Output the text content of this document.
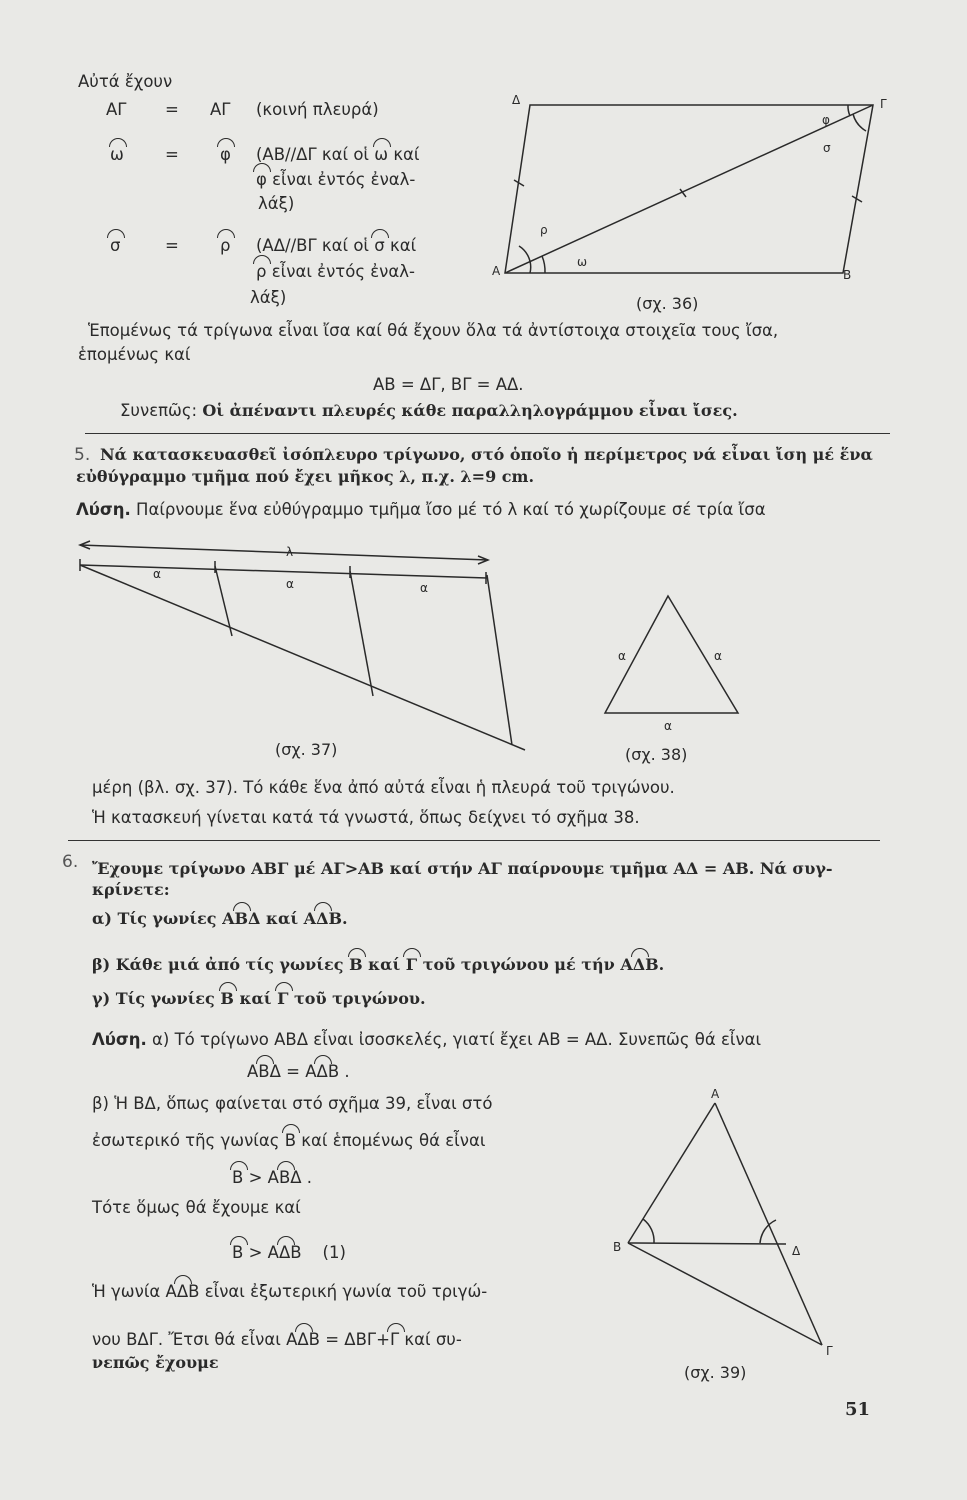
Δ	Γ
Α	Β
φ
σ
ρ
ω
λ
α
α	α
α	α
α
Α
Β	Δ
Γ
Αὐτά ἔχουν
ΑΓ = ΑΓ (κοινή πλευρά)
ω = φ (ΑΒ//ΔΓ καί οἱ ω καί
φ εἶναι ἐντός ἐναλ-
λάξ)
σ	= ρ (ΑΔ//ΒΓ καί οἱ σ καί
ρ εἶναι ἐντός ἐναλ-
λάξ)	(σχ. 36)
Ἑπομένως τά τρίγωνα εἶναι ἴσα καί θά ἔχουν ὅλα τά ἀντίστοιχα στοιχεῖα τους ἴσα,
ἑπομένως καί
ΑΒ = ΔΓ, ΒΓ = ΑΔ.
Συνεπῶς: Οἱ ἀπέναντι πλευρές κάθε παραλληλογράμμου εἶναι ἴσες.
5. Νά κατασκευασθεῖ ἰσόπλευρο τρίγωνο, στό ὁποῖο ἡ περίμετρος νά εἶναι ἴση μέ ἕνα
εὐθύγραμμο τμῆμα πού ἔχει μῆκος λ, π.χ. λ=9 cm.
Λύση. Παίρνουμε ἕνα εὐθύγραμμο τμῆμα ἴσο μέ τό λ καί τό χωρίζουμε σέ τρία ἴσα
(σχ. 37)	(σχ. 38)
μέρη (βλ. σχ. 37). Τό κάθε ἕνα ἀπό αὐτά εἶναι ἡ πλευρά τοῦ τριγώνου.
Ἡ κατασκευή γίνεται κατά τά γνωστά, ὅπως δείχνει τό σχῆμα 38.
6. Ἔχουμε τρίγωνο ΑΒΓ μέ ΑΓ>ΑΒ καί στήν ΑΓ παίρνουμε τμῆμα ΑΔ = ΑΒ. Νά συγ-
κρίνετε:
α) Τίς γωνίες ΑΒΔ καί ΑΔΒ.
β) Κάθε μιά ἀπό τίς γωνίες Β καί Γ τοῦ τριγώνου μέ τήν ΑΔΒ.
γ) Τίς γωνίες Β καί Γ τοῦ τριγώνου.
Λύση. α) Τό τρίγωνο ΑΒΔ εἶναι ἰσοσκελές, γιατί ἔχει ΑΒ = ΑΔ. Συνεπῶς θά εἶναι
ΑΒΔ = ΑΔΒ .
β) Ἡ ΒΔ, ὅπως φαίνεται στό σχῆμα 39, εἶναι στό
ἐσωτερικό τῆς γωνίας Β καί ἑπομένως θά εἶναι
Β > ΑΒΔ .
Τότε ὅμως θά ἔχουμε καί
Β > ΑΔΒ (1)
Ἡ γωνία ΑΔΒ εἶναι ἐξωτερική γωνία τοῦ τριγώ-
νου ΒΔΓ. Ἔτσι θά εἶναι ΑΔΒ = ΔΒΓ+Γ καί συ-
νεπῶς ἔχουμε
(σχ. 39)
51
